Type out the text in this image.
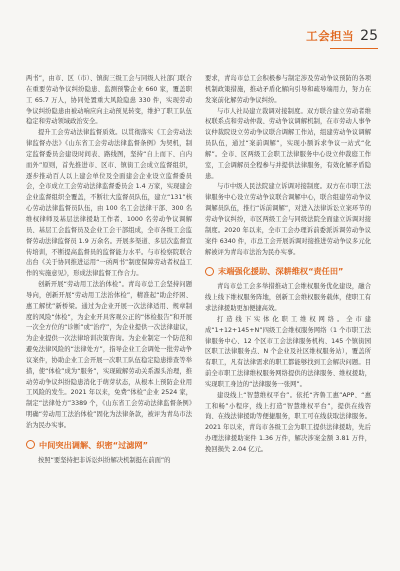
工会担当 25

两书”，由市、区（市）、镇街三级工会与同级人社部门联合在重要劳动争议纠纷隐患、监测预警企业 660 家，覆盖职工 65.7 万人，协同处置重大风险隐患 330 件，实现劳动争议纠纷隐患由被动响应向主动预见转变，维护了职工队伍稳定和劳动领域政治安全。

提升工会劳动法律监督质效。以贯彻落实《工会劳动法律监督办法》《山东省工会劳动法律监督条例》为契机，制定监督委员会建设时间表、路线图，坚持“自上而下、自内而外”原则，首先推进市、区市、镇街工会成立监督组织，逐步推动百人以上建会单位及全面建会企业设立监督委员会，全市成立工会劳动法律监督委员会 1.4 万家，实现建会企业监督组织全覆盖，不断壮大监督员队伍，建立“131”核心劳动法律监督员队伍，由 100 名工会法律干部、300 名维权律师及基层法律援助工作者、1000 名劳动争议调解员、基层工会监督员及企业工会干部组成，全市各级工会监督劳动法律监督员 1.9 万余名。开展多渠道、多层次监督宣传培训，不断提高监督员的监督能力水平。与市检察院联合出台《关于协同推进运用“一函两书”制度保障劳动者权益工作的实施意见》，形成法律监督工作合力。

创新开展“劳动用工法治体检”。青岛市总工会坚持问题导向，创新开展“劳动用工法治体检”，精准起“助企纾困、惠工解忧”新桥梁。通过为企业开展一次法律适用、规章制度的风险“体检”，为企业开具客观公正的“体检报告”和开展一次全方位的“诊断”或“治疗”，为企业提供一次法律建议，为企业提供一次法律培训决策咨询。为企业制定一个防范和避免法律风险的“法律处方”，指导企业工会调处一批劳动争议案件，协助企业工会开展一次职工队伍稳定隐患排查等举措，使“体检”成为“服务”，实现破解劳动关系源头治理，推动劳动争议纠纷隐患消化于萌芽状态，从根本上预防企业用工风险的发生。2021 年以来，免费“体检”企业 2524 家，制定“法律处方”3389 个，《山东省工会劳动法律监督条例》明确“劳动用工法治体检”固化为法律条款，被评为青岛市法治为民办实事。

中间突出调解、织密“过滤网”

按照“要坚持把非诉讼纠纷解决机制挺在前面”的

要求，青岛市总工会积极参与制定涉及劳动争议预防的各项机制政策措施，推动矛盾化解向引导和疏导端用力，努力在发案前化解劳动争议纠纷。

与市人社局建立裁调对接制度。双方联合建立劳动者维权联系点和劳动仲裁、劳动争议调解机制，在市劳动人事争议仲裁院设立劳动争议联合调解工作站，组建劳动争议调解员队伍，通过“案前调解”，实现小额诉求争议一站式“化解”。全市、区两级工会职工法律服务中心设立仲裁庭工作室，工会调解员全程参与并提供法律服务，有效化解矛盾隐患。

与市中级人民法院建立诉调对接制度。双方在市职工法律服务中心设立劳动争议联合调解中心，联合组建劳动争议调解员队伍，推行“诉前调解”，对进入法律诉讼立案环节的劳动争议纠纷，市区两级工会与同级法院全面建立诉调对接制度。2020 年以来，全市工会办理诉前委派诉调劳动争议案件 6340 件，市总工会开展诉调对接推进劳动争议多元化解被评为青岛市法治为民办实事。

末端强化援助、深耕维权“责任田”

青岛市总工会多举措推动工会维权服务优化建设，融合线上线下维权服务阵地，创新工会维权服务载体，使职工有求法律援助更加便捷高效。

打造线下实体化职工维权网络。全市建成“1+12+145+N”四级工会维权服务网络（1 个市职工法律服务中心、12 个区市工会法律服务机构、145 个镇街园区职工法律服务点、N 个企业及社区维权服务站），覆盖所有职工，凡有法律需求的职工都能够找到工会解决问题。目前全市职工法律维权服务网络提供的法律服务、维权援助，实现职工身边的“法律服务一张网”。

建设线上“智慧维权平台”。依托“齐鲁工惠”APP、“惠工和畅”小程序，线上打造“智慧维权平台”，提供在线咨询、在线法律援助等便捷服务，职工可在线获取法律服务。2021 年以来，青岛市各级工会为职工提供法律援助，先后办理法律援助案件 1.36 万件，解决涉案金额 3.81 万件，挽回损失 2.04 亿元。
